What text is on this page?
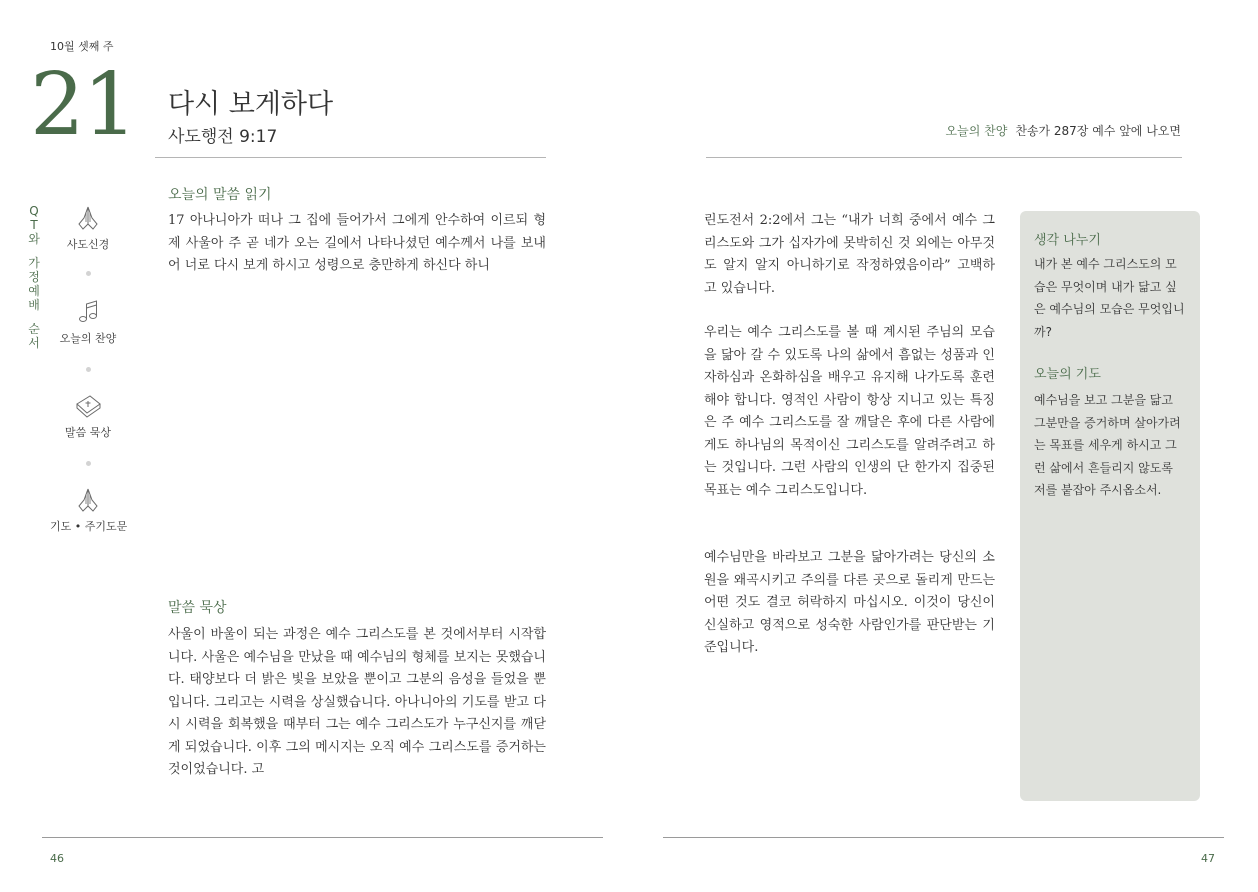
10월 셋째 주
21 다시 보게하다
사도행전 9:17	오늘의 찬양 찬송가 287장 예수 앞에 나오면
Q
T
와
가
정
예
배
순
서
사도신경
오늘의 찬양
말씀 묵상
기도 • 주기도문
오늘의 말씀 읽기
17 아나니아가 떠나 그 집에 들어가서 그에게 안수하여 이르되 형제 사울아 주 곧 네가 오는 길에서 나타나셨던 예수께서 나를 보내어 너로 다시 보게 하시고 성령으로 충만하게 하신다 하니
말씀 묵상
사울이 바울이 되는 과정은 예수 그리스도를 본 것에서부터 시작합니다. 사울은 예수님을 만났을 때 예수님의 형체를 보지는 못했습니다. 태양보다 더 밝은 빛을 보았을 뿐이고 그분의 음성을 들었을 뿐입니다. 그리고는 시력을 상실했습니다. 아나니아의 기도를 받고 다시 시력을 회복했을 때부터 그는 예수 그리스도가 누구신지를 깨닫게 되었습니다. 이후 그의 메시지는 오직 예수 그리스도를 증거하는 것이었습니다. 고
린도전서 2:2에서 그는 “내가 너희 중에서 예수 그리스도와 그가 십자가에 못박히신 것 외에는 아무것도 알지 알지 아니하기로 작정하였음이라” 고백하고 있습니다.
우리는 예수 그리스도를 볼 때 계시된 주님의 모습을 닮아 갈 수 있도록 나의 삶에서 흠없는 성품과 인자하심과 온화하심을 배우고 유지해 나가도록 훈련해야 합니다. 영적인 사람이 항상 지니고 있는 특징은 주 예수 그리스도를 잘 깨달은 후에 다른 사람에게도 하나님의 목적이신 그리스도를 알려주려고 하는 것입니다. 그런 사람의 인생의 단 한가지 집중된 목표는 예수 그리스도입니다.
예수님만을 바라보고 그분을 닮아가려는 당신의 소원을 왜곡시키고 주의를 다른 곳으로 돌리게 만드는 어떤 것도 결코 허락하지 마십시오. 이것이 당신이 신실하고 영적으로 성숙한 사람인가를 판단받는 기준입니다.
생각 나누기
내가 본 예수 그리스도의 모습은 무엇이며 내가 닮고 싶은 예수님의 모습은 무엇입니까?
오늘의 기도
예수님을 보고 그분을 닮고 그분만을 증거하며 살아가려는 목표를 세우게 하시고 그런 삶에서 흔들리지 않도록 저를 붙잡아 주시옵소서.
46	47
